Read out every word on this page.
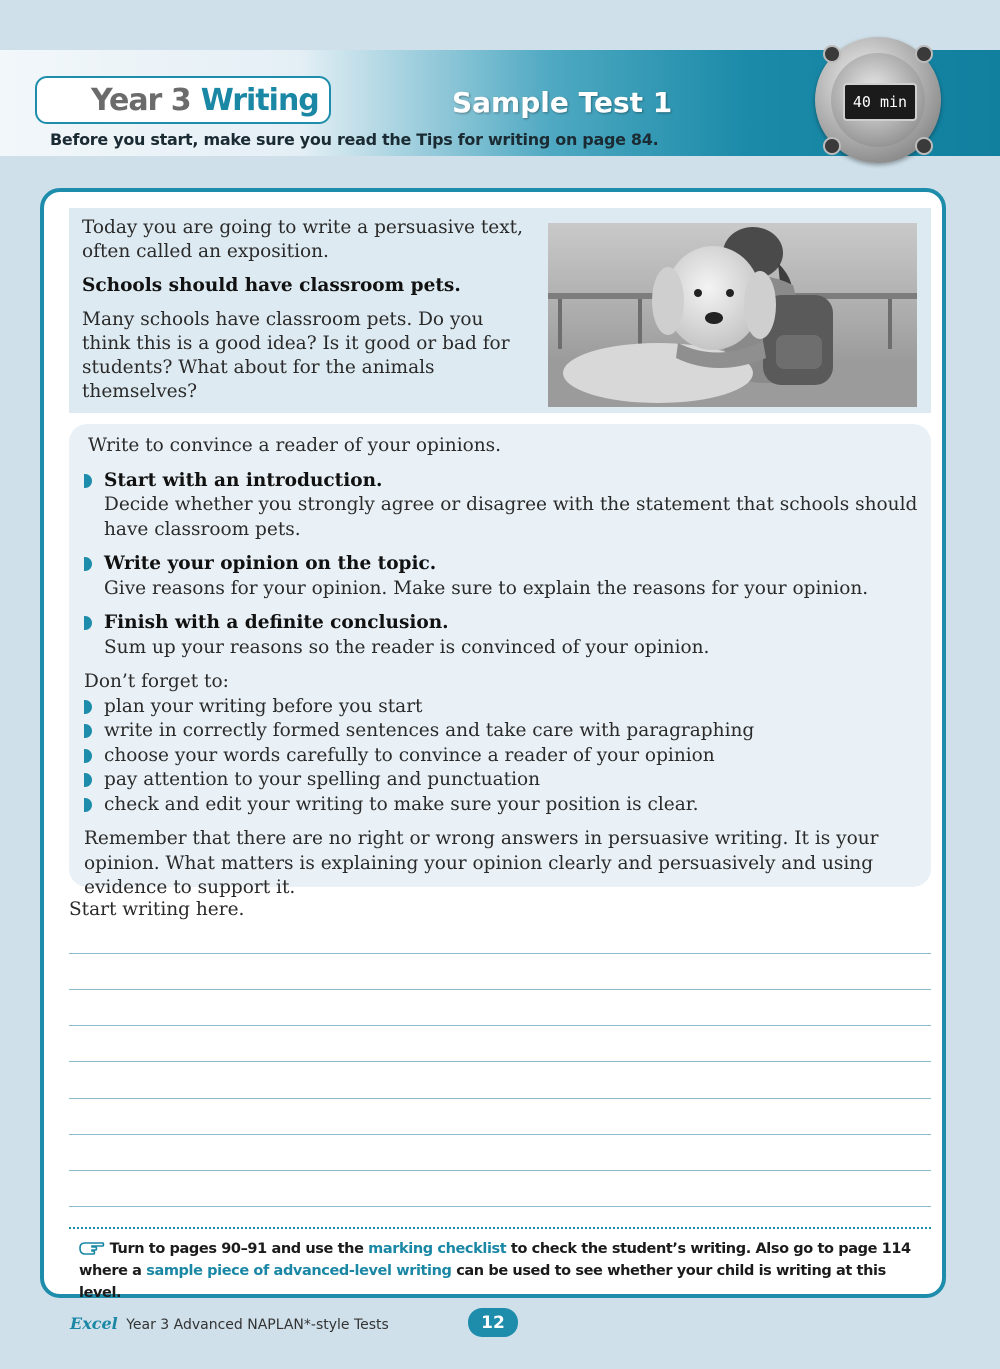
Year 3 Writing
Before you start, make sure you read the Tips for writing on page 84.
Sample Test 1	40 min

Today you are going to write a persuasive text, often called an exposition.

Schools should have classroom pets.

Many schools have classroom pets. Do you think this is a good idea? Is it good or bad for students? What about for the animals themselves?

Write to convince a reader of your opinions.

Start with an introduction.

Decide whether you strongly agree or disagree with the statement that schools should have classroom pets.

Write your opinion on the topic.

Give reasons for your opinion. Make sure to explain the reasons for your opinion.

Finish with a definite conclusion.

Sum up your reasons so the reader is convinced of your opinion.

Don’t forget to:

plan your writing before you start
write in correctly formed sentences and take care with paragraphing
choose your words carefully to convince a reader of your opinion
pay attention to your spelling and punctuation
check and edit your writing to make sure your position is clear.

Remember that there are no right or wrong answers in persuasive writing. It is your opinion. What matters is explaining your opinion clearly and persuasively and using evidence to support it.

Start writing here.
Turn to pages 90–91 and use the marking checklist to check the student’s writing. Also go to page 114 where a sample piece of advanced-level writing can be used to see whether your child is writing at this level.
Excel Year 3 Advanced NAPLAN*-style Tests	12
